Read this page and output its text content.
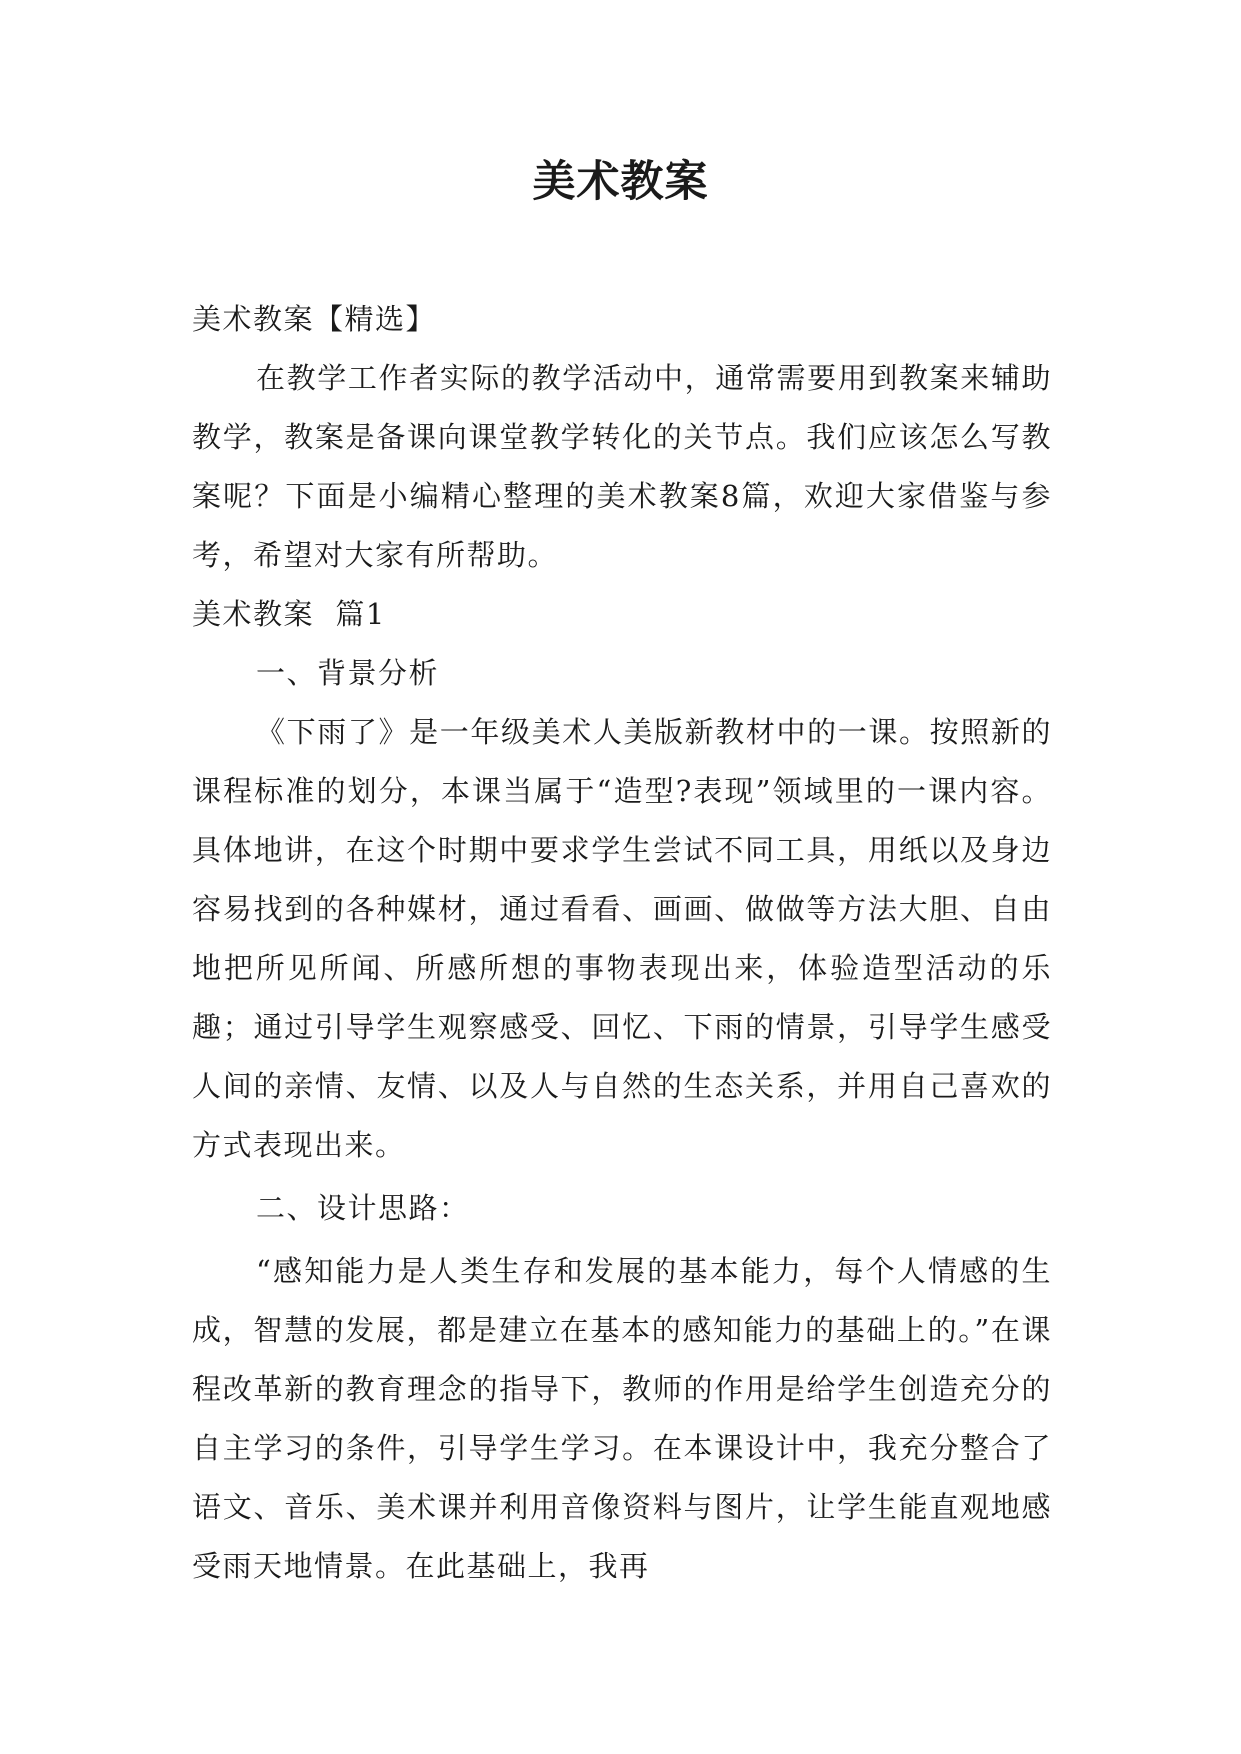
美术教案

美术教案【精选】

在教学工作者实际的教学活动中，通常需要用到教案来辅助教学，教案是备课向课堂教学转化的关节点。我们应该怎么写教案呢？下面是小编精心整理的美术教案8篇，欢迎大家借鉴与参考，希望对大家有所帮助。

美术教案  篇1

一、背景分析

《下雨了》是一年级美术人美版新教材中的一课。按照新的课程标准的划分，本课当属于“造型?表现”领域里的一课内容。具体地讲，在这个时期中要求学生尝试不同工具，用纸以及身边容易找到的各种媒材，通过看看、画画、做做等方法大胆、自由地把所见所闻、所感所想的事物表现出来，体验造型活动的乐趣；通过引导学生观察感受、回忆、下雨的情景，引导学生感受人间的亲情、友情、以及人与自然的生态关系，并用自己喜欢的方式表现出来。

二、设计思路：

“感知能力是人类生存和发展的基本能力，每个人情感的生成，智慧的发展，都是建立在基本的感知能力的基础上的。”在课程改革新的教育理念的指导下，教师的作用是给学生创造充分的自主学习的条件，引导学生学习。在本课设计中，我充分整合了语文、音乐、美术课并利用音像资料与图片，让学生能直观地感受雨天地情景。在此基础上，我再
